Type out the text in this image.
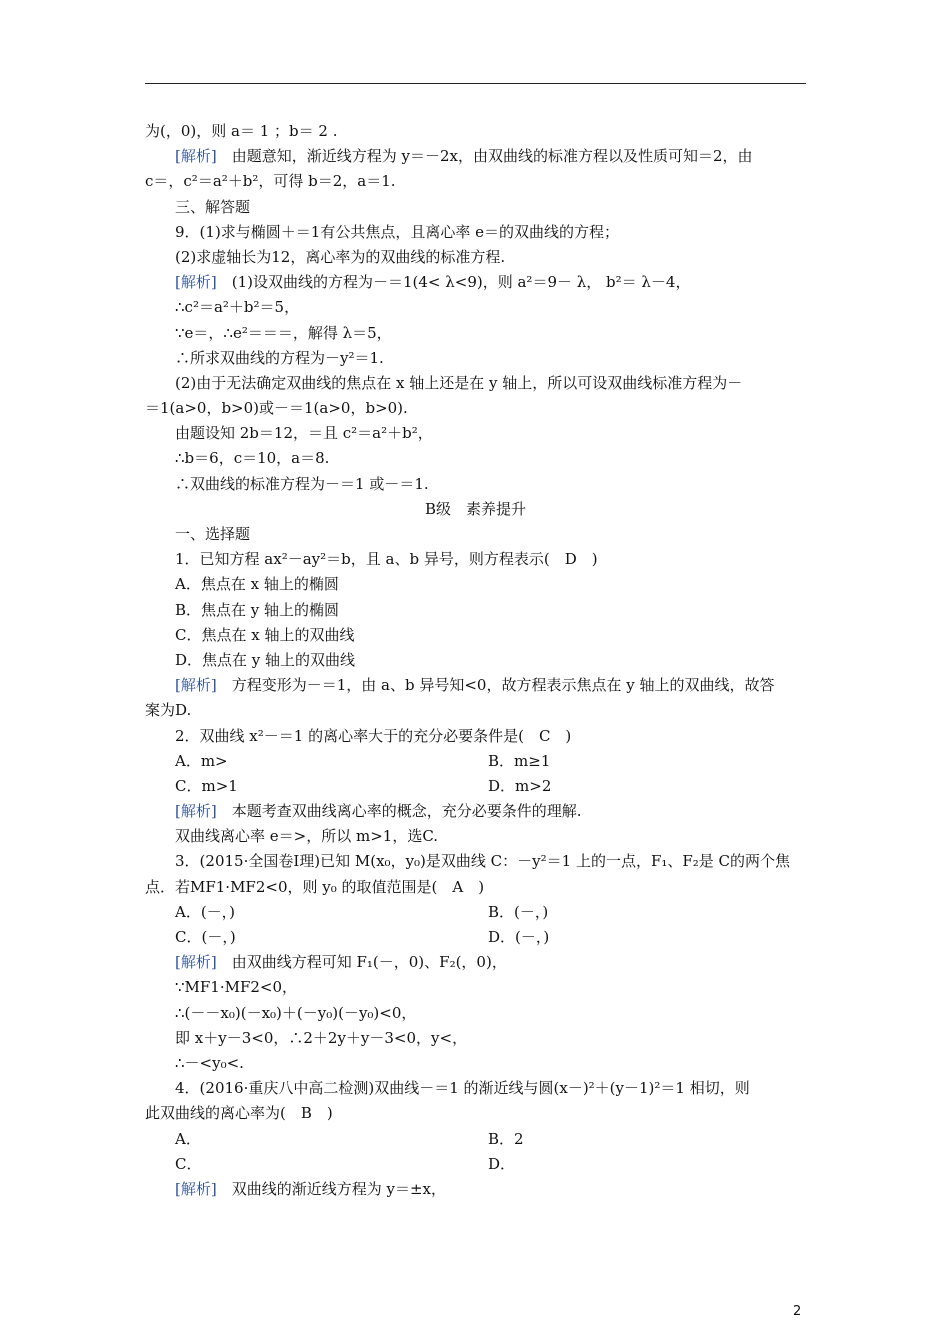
为(，0)，则 a＝ 1 ；b＝ 2 .
[解析]　由题意知，渐近线方程为 y＝－2x，由双曲线的标准方程以及性质可知＝2，由
c＝，c²＝a²＋b²，可得 b＝2，a＝1.
三、解答题
9．(1)求与椭圆＋＝1有公共焦点，且离心率 e＝的双曲线的方程；
(2)求虚轴长为12，离心率为的双曲线的标准方程.
[解析]　(1)设双曲线的方程为－＝1(4< λ<9)，则 a²＝9－ λ， b²＝ λ－4，
∴c²＝a²＋b²＝5，
∵e＝，∴e²＝＝＝，解得 λ＝5，
∴所求双曲线的方程为－y²＝1.
(2)由于无法确定双曲线的焦点在 x 轴上还是在 y 轴上，所以可设双曲线标准方程为－
＝1(a>0，b>0)或－＝1(a>0，b>0).
由题设知 2b＝12，＝且 c²＝a²＋b²，
∴b＝6，c＝10，a＝8.
∴双曲线的标准方程为－＝1 或－＝1.
B级　素养提升
一、选择题
1．已知方程 ax²－ay²＝b，且 a、b 异号，则方程表示(　D　)
A．焦点在 x 轴上的椭圆
B．焦点在 y 轴上的椭圆
C．焦点在 x 轴上的双曲线
D．焦点在 y 轴上的双曲线
[解析]　方程变形为－＝1，由 a、b 异号知<0，故方程表示焦点在 y 轴上的双曲线，故答
案为D.
2．双曲线 x²－＝1 的离心率大于的充分必要条件是(　C　)
A．m>	B．m≥1
C．m>1	D．m>2
[解析]　本题考查双曲线离心率的概念，充分必要条件的理解.
双曲线离心率 e＝>，所以 m>1，选C.
3．(2015·全国卷Ⅰ理)已知 M(x₀，y₀)是双曲线 C：－y²＝1 上的一点，F₁、F₂是 C的两个焦
点．若MF1·MF2<0，则 y₀ 的取值范围是(　A　)
A．(－，)	B．(－，)
C．(－，)	D．(－，)
[解析]　由双曲线方程可知 F₁(－，0)、F₂(，0)，
∵MF1·MF2<0，
∴(－－x₀)(－x₀)＋(－y₀)(－y₀)<0，
即 x＋y－3<0，∴2＋2y＋y－3<0，y<，
∴－<y₀<.
4．(2016·重庆八中高二检测)双曲线－＝1 的渐近线与圆(x－)²＋(y－1)²＝1 相切，则
此双曲线的离心率为(　B　)
A．	B．2
C．	D．
[解析]　双曲线的渐近线方程为 y＝±x，
2
